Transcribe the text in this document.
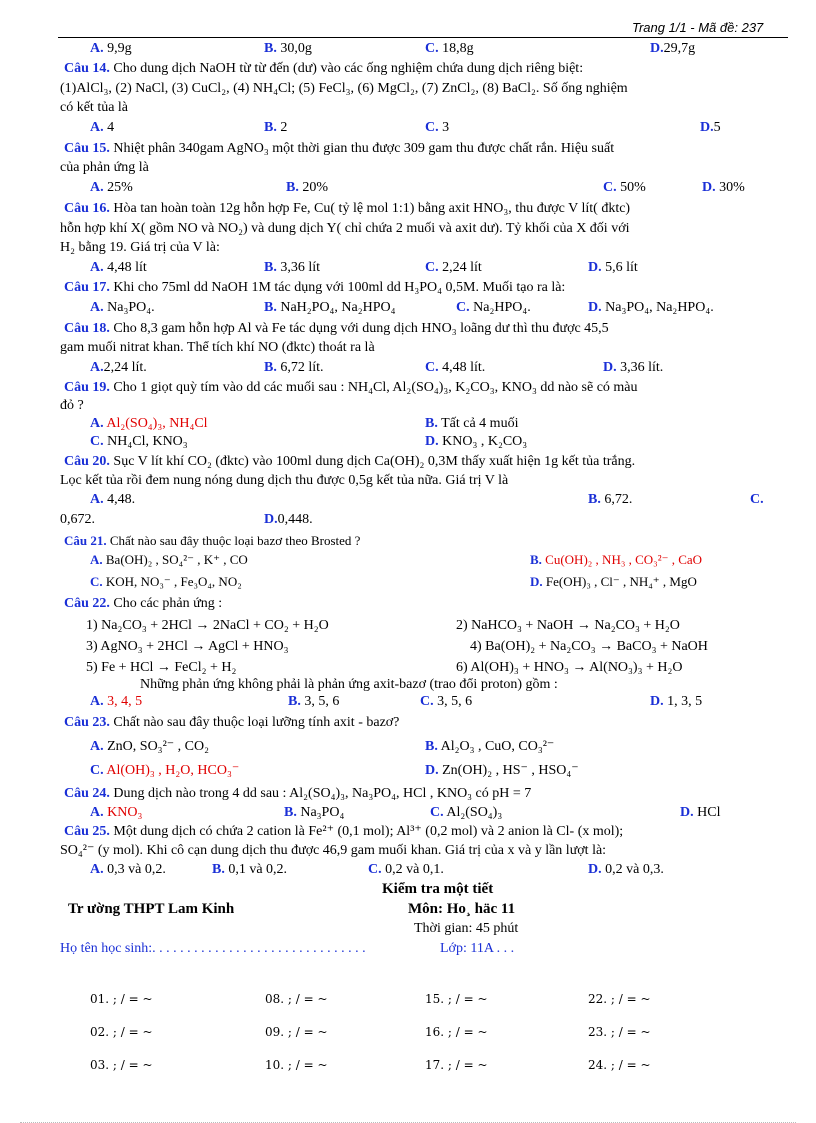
Trang 1/1 - Mã đề: 237
A. 9,9g	B. 30,0g	C. 18,8g	D.29,7g
Câu 14. Cho dung dịch NaOH từ từ đến (dư) vào các ống nghiệm chứa dung dịch riêng biệt:
(1)AlCl₃, (2) NaCl, (3) CuCl₂, (4) NH₄Cl; (5) FeCl₃, (6) MgCl₂, (7) ZnCl₂, (8) BaCl₂. Số ống nghiệm
có kết tủa là
A. 4	B. 2	C. 3	D.5
Câu 15. Nhiệt phân 340gam AgNO₃ một thời gian thu được 309 gam thu được chất rắn. Hiệu suất
của phản ứng là
A. 25%	B. 20%	C. 50%	D. 30%
Câu 16. Hòa tan hoàn toàn 12g hỗn hợp Fe, Cu( tỷ lệ mol 1:1) bằng axit HNO₃, thu được V lít( đktc)
hỗn hợp khí X( gồm NO và NO₂) và dung dịch Y( chỉ chứa 2 muối và axit dư). Tỷ khối của X đối với
H₂ bằng 19. Giá trị của V là:
A. 4,48 lít	B. 3,36 lít	C. 2,24 lít	D. 5,6 lít
Câu 17. Khi cho 75ml dd NaOH 1M tác dụng với 100ml dd H₃PO₄ 0,5M. Muối tạo ra là:
A. Na₃PO₄.	B. NaH₂PO₄, Na₂HPO₄	C. Na₂HPO₄.	D. Na₃PO₄, Na₂HPO₄.
Câu 18. Cho 8,3 gam hỗn hợp Al và Fe tác dụng với dung dịch HNO₃ loãng dư thì thu được 45,5
gam muối nitrat khan. Thể tích khí NO (đktc) thoát ra là
A.2,24 lít.	B. 6,72 lít.	C. 4,48 lít.	D. 3,36 lít.
Câu 19. Cho 1 giọt quỳ tím vào dd các muối sau : NH₄Cl, Al₂(SO₄)₃, K₂CO₃, KNO₃ dd nào sẽ có màu
đỏ ?
A. Al₂(SO₄)₃, NH₄Cl	B. Tất cả 4 muối
C. NH₄Cl, KNO₃	D. KNO₃ , K₂CO₃
Câu 20. Sục V lít khí CO₂ (đktc) vào 100ml dung dịch Ca(OH)₂ 0,3M thấy xuất hiện 1g kết tủa trắng.
Lọc kết tủa rồi đem nung nóng dung dịch thu được 0,5g kết tủa nữa. Giá trị V là
A. 4,48.	B. 6,72.	C.
0,672.	D.0,448.
Câu 21. Chất nào sau đây thuộc loại bazơ theo Brosted ?
A. Ba(OH)₂ , SO₄²⁻ , K⁺ , CO	B. Cu(OH)₂ , NH₃ , CO₃²⁻ , CaO
C. KOH, NO₃⁻ , Fe₃O₄, NO₂	D. Fe(OH)₃ , Cl⁻ , NH₄⁺ , MgO
Câu 22. Cho các phản ứng :
1) Na₂CO₃ + 2HCl → 2NaCl + CO₂ + H₂O	2) NaHCO₃ + NaOH → Na₂CO₃ + H₂O
3) AgNO₃ + 2HCl → AgCl + HNO₃	4) Ba(OH)₂ + Na₂CO₃ → BaCO₃ + NaOH
5) Fe + HCl → FeCl₂ + H₂	6) Al(OH)₃ + HNO₃ → Al(NO₃)₃ + H₂O
Những phản ứng không phải là phản ứng axit-bazơ (trao đổi proton) gồm :
A. 3, 4, 5	B. 3, 5, 6	C. 3, 5, 6	D. 1, 3, 5
Câu 23. Chất nào sau đây thuộc loại lưỡng tính axit - bazơ?
A. ZnO, SO₃²⁻ , CO₂	B. Al₂O₃ , CuO, CO₃²⁻
C. Al(OH)₃ , H₂O, HCO₃⁻	D. Zn(OH)₂ , HS⁻ , HSO₄⁻
Câu 24. Dung dịch nào trong 4 dd sau : Al₂(SO₄)₃, Na₃PO₄, HCl , KNO₃ có pH = 7
A. KNO₃	B. Na₃PO₄	C. Al₂(SO₄)₃	D. HCl
Câu 25. Một dung dịch có chứa 2 cation là Fe²⁺ (0,1 mol); Al³⁺ (0,2 mol) và 2 anion là Cl- (x mol);
SO₄²⁻ (y mol). Khi cô cạn dung dịch thu được 46,9 gam muối khan. Giá trị của x và y lần lượt là:
A. 0,3 và 0,2.	B. 0,1 và 0,2.	C. 0,2 và 0,1.	D. 0,2 và 0,3.
Kiểm tra một tiết
Tr ường THPT Lam Kinh	Môn: Ho¸ häc 11
Thời gian: 45 phút
Họ tên học sinh:. . . . . . . . . . . . . . . . . . . . . . . . . . . . . . .	Lớp: 11A . . .
01. ; / = ~	08. ; / = ~	15. ; / = ~	22. ; / = ~
02. ; / = ~	09. ; / = ~	16. ; / = ~	23. ; / = ~
03. ; / = ~	10. ; / = ~	17. ; / = ~	24. ; / = ~
